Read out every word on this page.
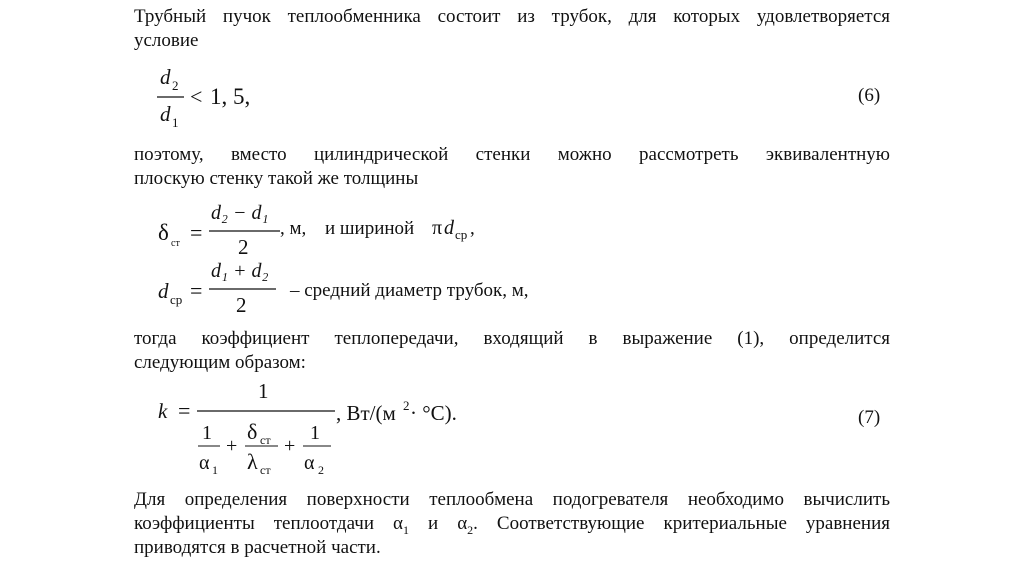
Трубный пучок теплообменника состоит из трубок, для которых удовлетворяется
условие
поэтому, вместо цилиндрической стенки можно рассмотреть эквивалентную
плоскую стенку такой же толщины
тогда коэффициент теплопередачи, входящий в выражение (1), определится
следующим образом:
Для определения поверхности теплообмена подогревателя необходимо вычислить
коэффициенты теплоотдачи $\alpha_1$ и $\alpha_2$. Соответствующие критериальные уравнения
приводятся в расчетной части.
d 2
d 1
< 1, 5,	(6)
δ ст =
d₂ − d₁
2
, м, и шириной π d ср ,
d ср =
d₁ + d₂
2
– средний диаметр трубок, м,
k =
1
1
α 1
+
δ ст
λ ст
+
1
α 2
, Вт/(м 2 · °С).	(7)
